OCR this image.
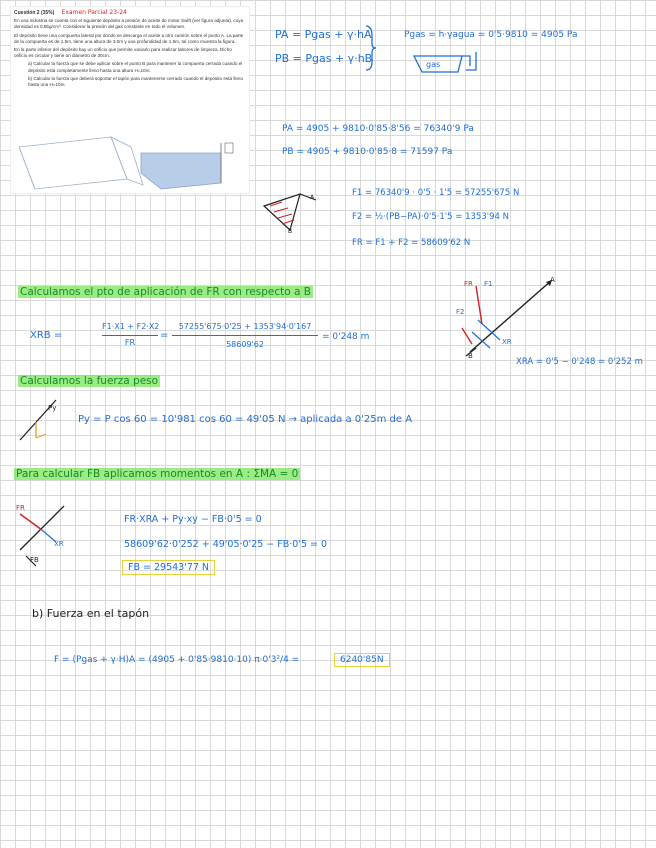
Cuestión 2 (35%) Examen Parcial 23-24

En una industria se cuenta con el siguiente depósito a presión de aceite de motor Swift (ver figura adjunta), cuya densidad es 0.85g/cm³. Considerar la presión del gas constante en todo el volumen.

El depósito tiene una compuerta lateral por donde se descarga el aceite a otro camión sobre el punto A. La parte de la compuerta es de 1.5m, tiene una altura de 3.0m y una profundidad de 1.5m, tal como muestra la figura.

En la parte inferior del depósito hay un orificio que permite vaciarlo para realizar labores de limpieza. Dicho orificio es circular y tiene un diámetro de 30cm.

a) Calcular la fuerza que se debe aplicar sobre el punto B para mantener la compuerta cerrada cuando el depósito está completamente lleno hasta una altura H=10m.

b) Calcular la fuerza que deberá soportar el tapón para mantenerse cerrado cuando el depósito está lleno hasta una H=10m.

PA = Pgas + γ·hA
PB = Pgas + γ·hB
Pgas = h·γagua = 0'5·9810 = 4905 Pa
gas
PA = 4905 + 9810·0'85·8'56 = 76340'9 Pa
PB = 4905 + 9810·0'85·8 = 71597 Pa
A
B
F1 = 76340'9 · 0'5 · 1'5 = 57255'675 N
F2 = ½·(PB−PA)·0'5·1'5 = 1353'94 N
FR = F1 + F2 = 58609'62 N
Calculamos el pto de aplicación de FR con respecto a B
FR F1
F2
A
B
XR
XRB =
F1·X1 + F2·X2
FR
=
57255'675·0'25 + 1353'94·0'167
58609'62
= 0'248 m
XRA = 0'5 − 0'248 = 0'252 m
Calculamos la fuerza peso
Py
Py = P cos 60 = 10'981 cos 60 = 49'05 N → aplicada a 0'25m de A
Para calcular FB aplicamos momentos en A : ΣMA = 0
FR
XR
FB
FR·XRA + Py·xy − FB·0'5 = 0
58609'62·0'252 + 49'05·0'25 − FB·0'5 = 0
FB = 29543'77 N
b) Fuerza en el tapón
F = (Pgas + γ·H)A = (4905 + 0'85·9810·10) π·0'3²/4 =	6240'85N
